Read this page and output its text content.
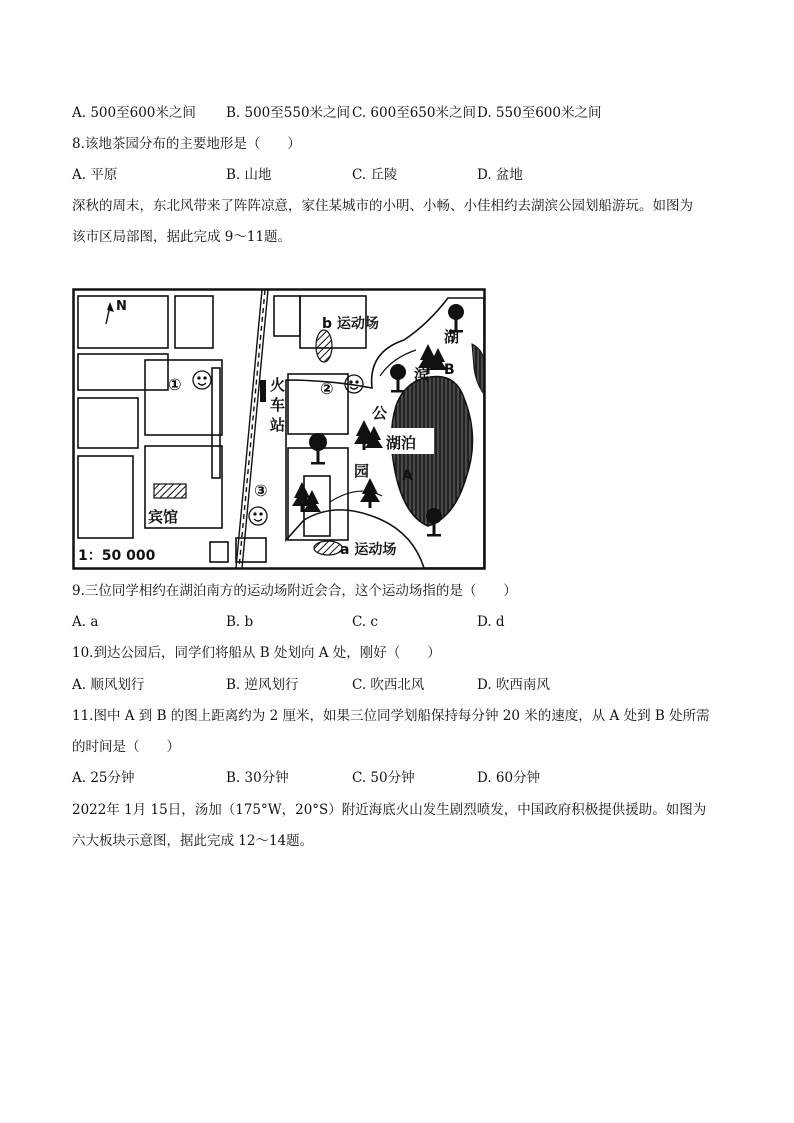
A. 500至600米之间 B. 500至550米之间 C. 600至650米之间 D. 550至600米之间
8.该地茶园分布的主要地形是（　　）
A. 平原	B. 山地	C. 丘陵	D. 盆地
深秋的周末，东北风带来了阵阵凉意，家住某城市的小明、小畅、小佳相约去湖滨公园划船游玩。如图为
该市区局部图，据此完成 9～11题。
N
1：50 000
宾馆
火
车
站
湖
滨
公
园
湖泊
b 运动场
a 运动场
A
B
①	②
③
9.三位同学相约在湖泊南方的运动场附近会合，这个运动场指的是（　　）
A. a	B. b	C. c	D. d
10.到达公园后，同学们将船从 B 处划向 A 处，刚好（　　）
A. 顺风划行	B. 逆风划行	C. 吹西北风	D. 吹西南风
11.图中 A 到 B 的图上距离约为 2 厘米，如果三位同学划船保持每分钟 20 米的速度，从 A 处到 B 处所需
的时间是（　　）
A. 25分钟	B. 30分钟	C. 50分钟	D. 60分钟
2022年 1月 15日，汤加（175°W，20°S）附近海底火山发生剧烈喷发，中国政府积极提供援助。如图为
六大板块示意图，据此完成 12～14题。
